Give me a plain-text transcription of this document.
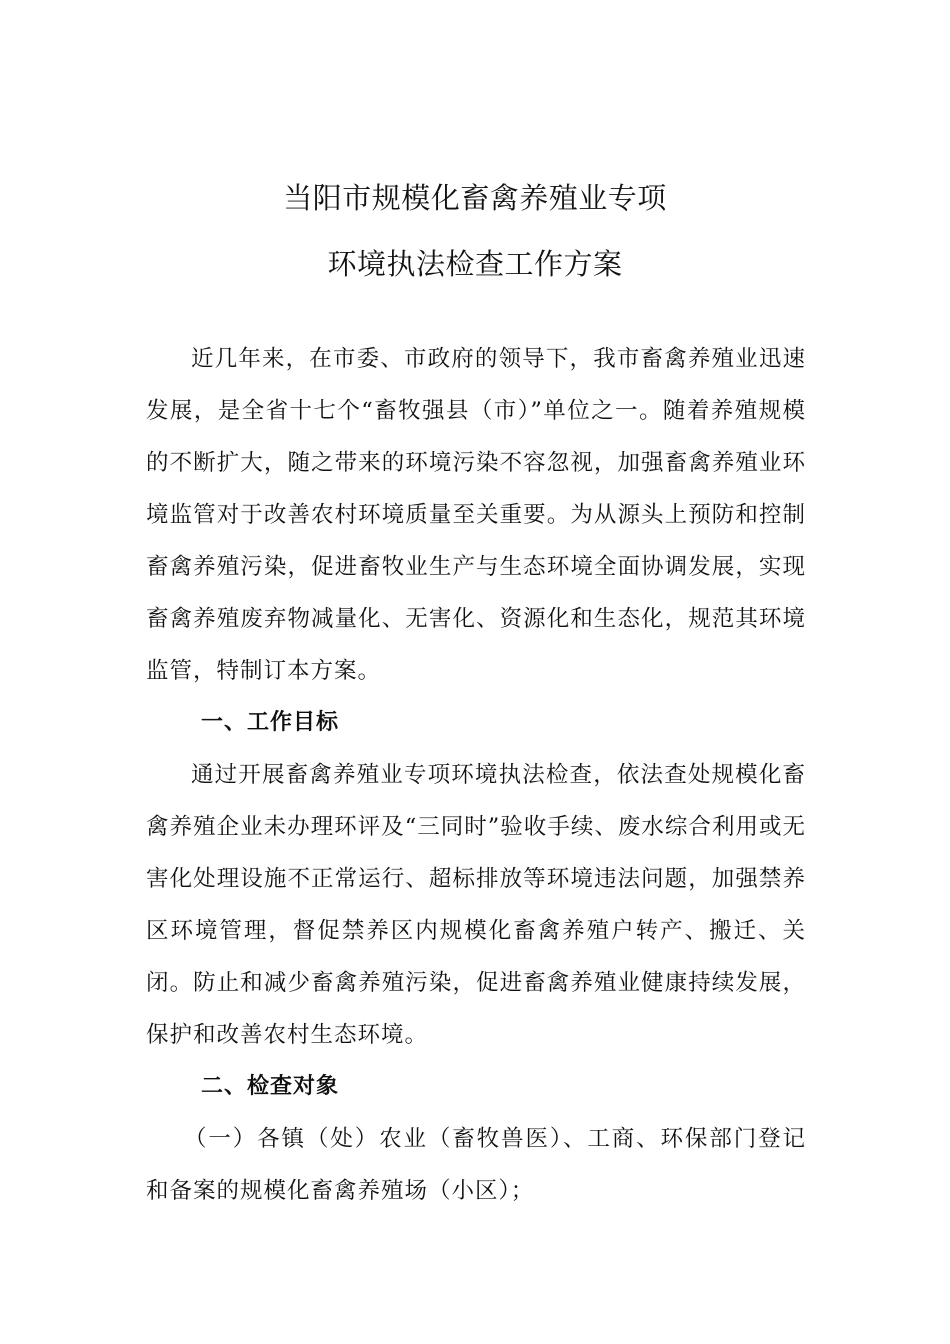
当阳市规模化畜禽养殖业专项
环境执法检查工作方案

近几年来，在市委、市政府的领导下，我市畜禽养殖业迅速发展，是全省十七个“畜牧强县（市）”单位之一。随着养殖规模的不断扩大，随之带来的环境污染不容忽视，加强畜禽养殖业环境监管对于改善农村环境质量至关重要。为从源头上预防和控制畜禽养殖污染，促进畜牧业生产与生态环境全面协调发展，实现畜禽养殖废弃物减量化、无害化、资源化和生态化，规范其环境监管，特制订本方案。

一、工作目标

通过开展畜禽养殖业专项环境执法检查，依法查处规模化畜禽养殖企业未办理环评及“三同时”验收手续、废水综合利用或无害化处理设施不正常运行、超标排放等环境违法问题，加强禁养区环境管理，督促禁养区内规模化畜禽养殖户转产、搬迁、关闭。防止和减少畜禽养殖污染，促进畜禽养殖业健康持续发展，保护和改善农村生态环境。

二、检查对象

（一）各镇（处）农业（畜牧兽医）、工商、环保部门登记和备案的规模化畜禽养殖场（小区）；
